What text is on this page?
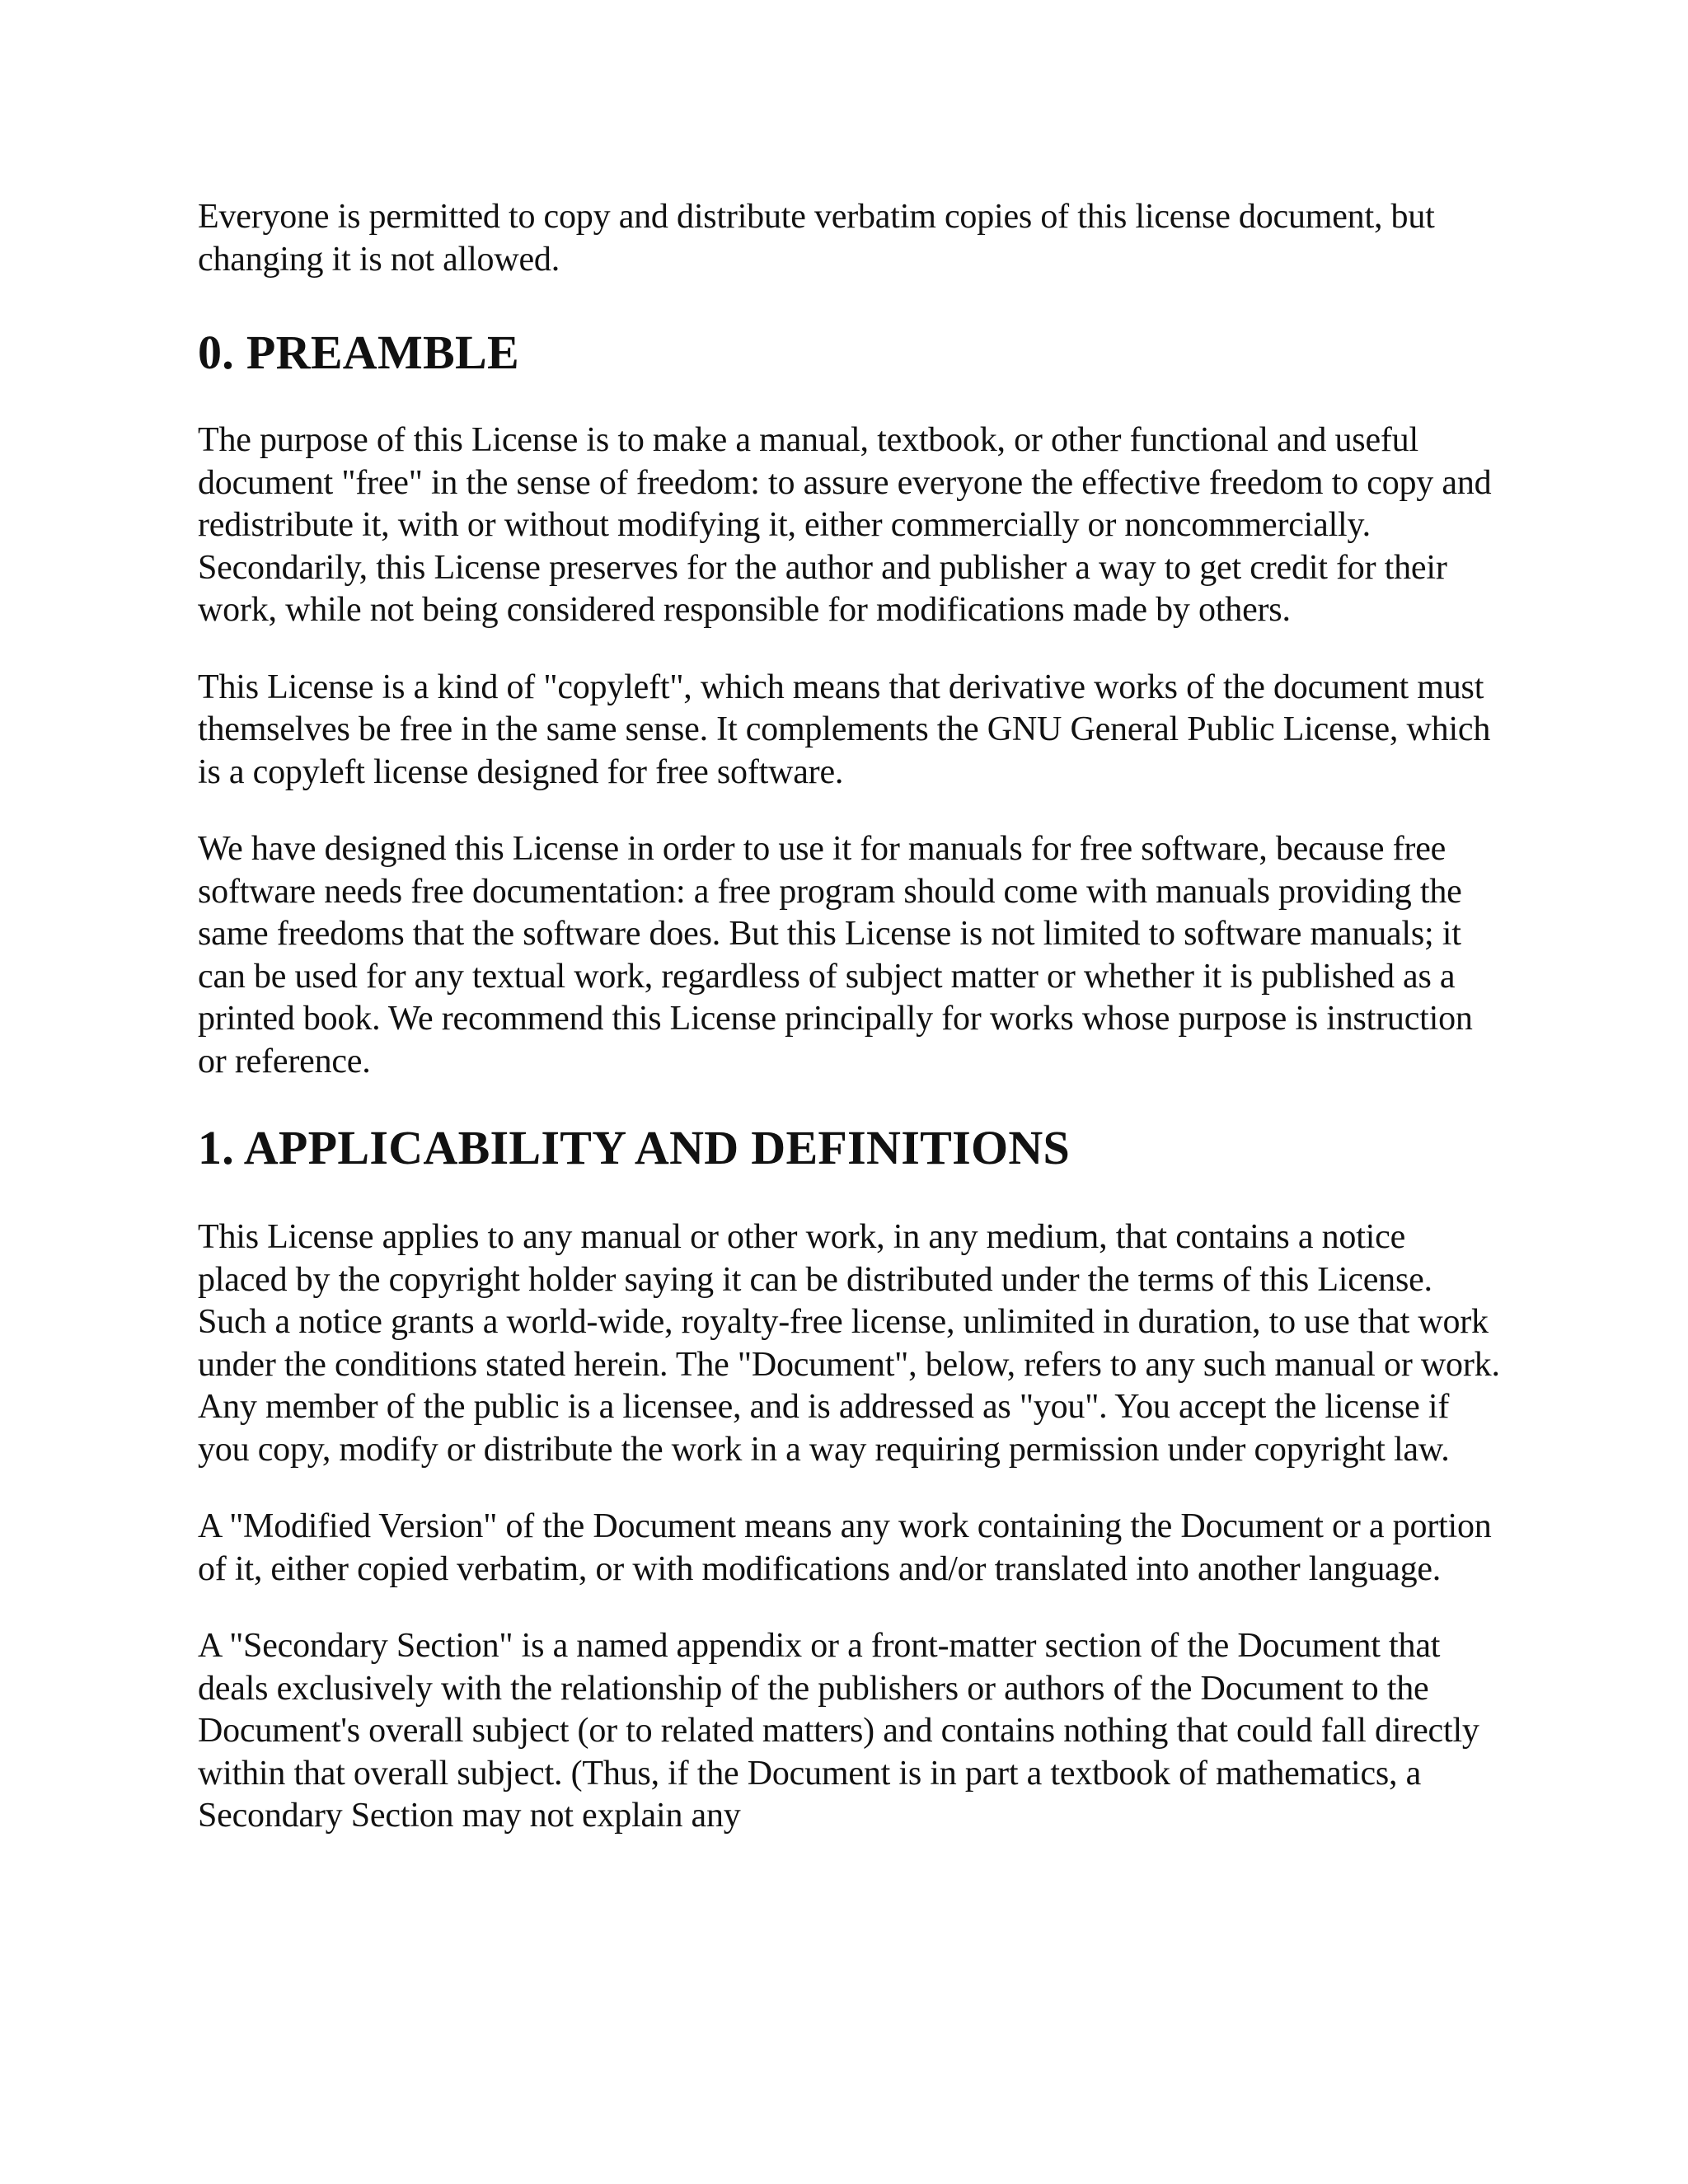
Everyone is permitted to copy and distribute verbatim copies of this license document, but changing it is not allowed.

0. PREAMBLE

The purpose of this License is to make a manual, textbook, or other functional and useful document "free" in the sense of freedom: to assure everyone the effective freedom to copy and redistribute it, with or without modifying it, either commercially or noncommercially. Secondarily, this License preserves for the author and publisher a way to get credit for their work, while not being considered responsible for modifications made by others.

This License is a kind of "copyleft", which means that derivative works of the document must themselves be free in the same sense. It complements the GNU General Public License, which is a copyleft license designed for free software.

We have designed this License in order to use it for manuals for free software, because free software needs free documentation: a free program should come with manuals providing the same freedoms that the software does. But this License is not limited to software manuals; it can be used for any textual work, regardless of subject matter or whether it is published as a printed book. We recommend this License principally for works whose purpose is instruction or reference.

1. APPLICABILITY AND DEFINITIONS

This License applies to any manual or other work, in any medium, that contains a notice placed by the copyright holder saying it can be distributed under the terms of this License. Such a notice grants a world-wide, royalty-free license, unlimited in duration, to use that work under the conditions stated herein. The "Document", below, refers to any such manual or work. Any member of the public is a licensee, and is addressed as "you". You accept the license if you copy, modify or distribute the work in a way requiring permission under copyright law.

A "Modified Version" of the Document means any work containing the Document or a portion of it, either copied verbatim, or with modifications and/or translated into another language.

A "Secondary Section" is a named appendix or a front-matter section of the Document that deals exclusively with the relationship of the publishers or authors of the Document to the Document's overall subject (or to related matters) and contains nothing that could fall directly within that overall subject. (Thus, if the Document is in part a textbook of mathematics, a Secondary Section may not explain any
